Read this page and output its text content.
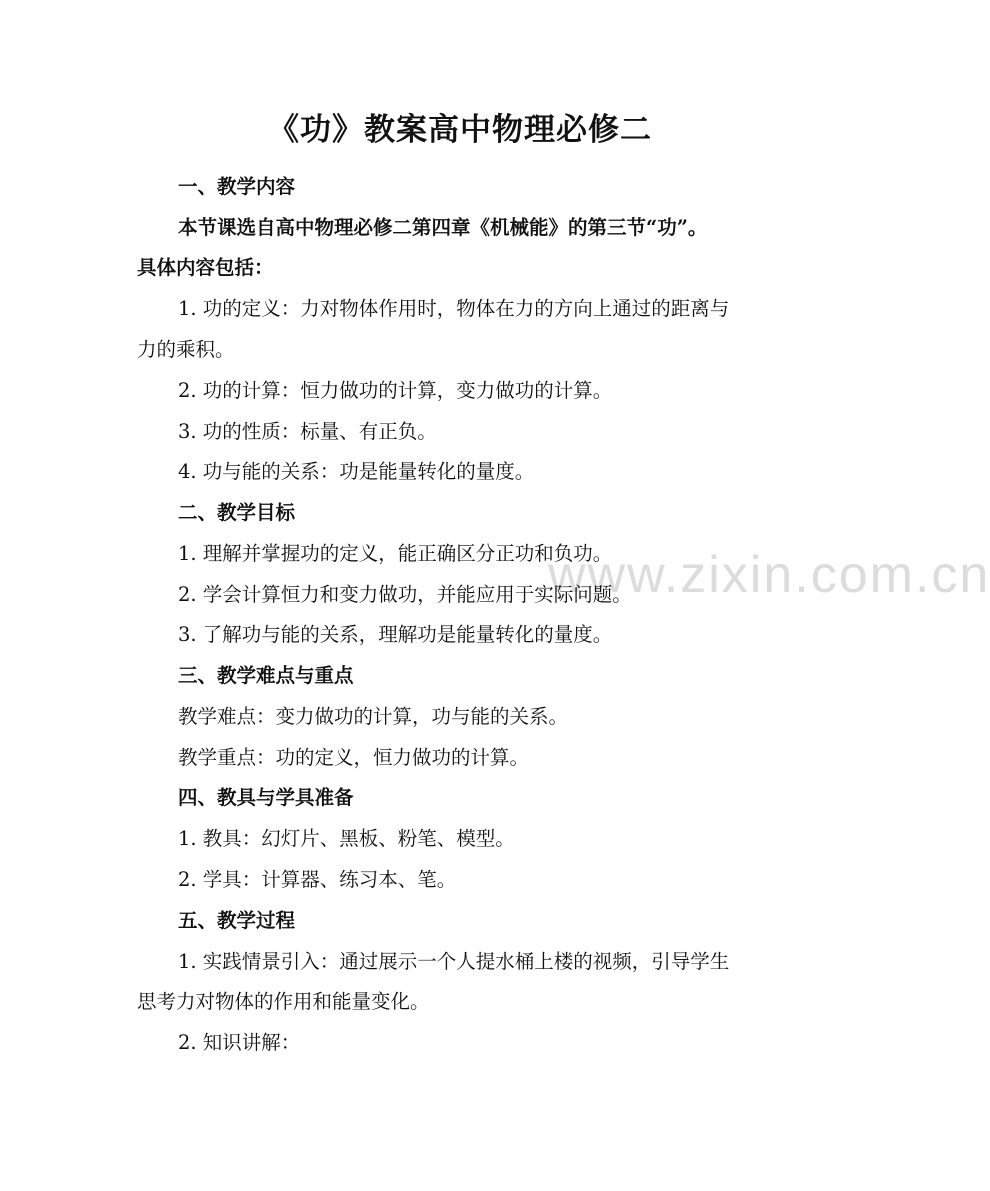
www.zixin.com.cn
《功》教案高中物理必修二
一、教学内容
本节课选自高中物理必修二第四章《机械能》的第三节“功”。
具体内容包括：
1. 功的定义：力对物体作用时，物体在力的方向上通过的距离与
力的乘积。
2. 功的计算：恒力做功的计算，变力做功的计算。
3. 功的性质：标量、有正负。
4. 功与能的关系：功是能量转化的量度。
二、教学目标
1. 理解并掌握功的定义，能正确区分正功和负功。
2. 学会计算恒力和变力做功，并能应用于实际问题。
3. 了解功与能的关系，理解功是能量转化的量度。
三、教学难点与重点
教学难点：变力做功的计算，功与能的关系。
教学重点：功的定义，恒力做功的计算。
四、教具与学具准备
1. 教具：幻灯片、黑板、粉笔、模型。
2. 学具：计算器、练习本、笔。
五、教学过程
1. 实践情景引入：通过展示一个人提水桶上楼的视频，引导学生
思考力对物体的作用和能量变化。
2. 知识讲解：
